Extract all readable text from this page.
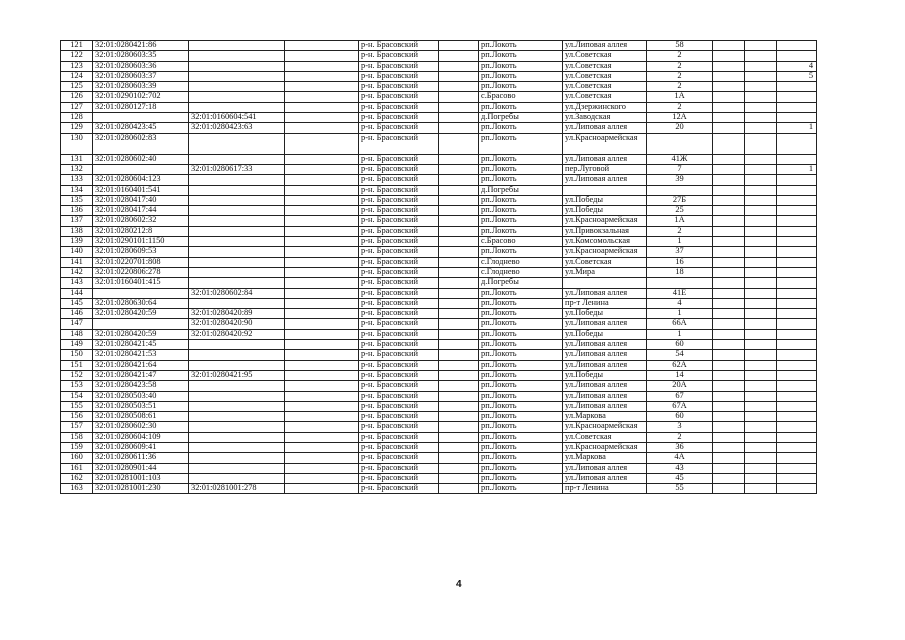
121	32:01:0280421:86			р-н. Брасовский		рп.Локоть	ул.Липовая аллея	58			
122	32:01:0280603:35			р-н. Брасовский		рп.Локоть	ул.Советская	2			
123	32:01:0280603:36			р-н. Брасовский		рп.Локоть	ул.Советская	2			4
124	32:01:0280603:37			р-н. Брасовский		рп.Локоть	ул.Советская	2			5
125	32:01:0280603:39			р-н. Брасовский		рп.Локоть	ул.Советская	2			
126	32:01:0290102:702			р-н. Брасовский		с.Брасово	ул.Советская	1А			
127	32:01:0280127:18			р-н. Брасовский		рп.Локоть	ул.Дзержинского	2			
128		32:01:0160604:541		р-н. Брасовский		д.Погребы	ул.Заводская	12А			
129	32:01:0280423:45	32:01:0280423:63		р-н. Брасовский		рп.Локоть	ул.Липовая аллея	20			1
130	32:01:0280602:83			р-н. Брасовский		рп.Локоть	ул.Красноармейская				
131	32:01:0280602:40			р-н. Брасовский		рп.Локоть	ул.Липовая аллея	41Ж			
132		32:01:0280617:33		р-н. Брасовский		рп.Локоть	пер.Луговой	7			1
133	32:01:0280604:123			р-н. Брасовский		рп.Локоть	ул.Липовая аллея	39			
134	32:01:0160401:541			р-н. Брасовский		д.Погребы					
135	32:01:0280417:40			р-н. Брасовский		рп.Локоть	ул.Победы	27Б			
136	32:01:0280417:44			р-н. Брасовский		рп.Локоть	ул.Победы	25			
137	32:01:0280602:32			р-н. Брасовский		рп.Локоть	ул.Красноармейская	1А			
138	32:01:0280212:8			р-н. Брасовский		рп.Локоть	ул.Привокзальная	2			
139	32:01:0290101:1150			р-н. Брасовский		с.Брасово	ул.Комсомольская	1			
140	32:01:0280609:53			р-н. Брасовский		рп.Локоть	ул.Красноармейская	37			
141	32:01:0220701:808			р-н. Брасовский		с.Глоднево	ул.Советская	16			
142	32:01:0220806:278			р-н. Брасовский		с.Глоднево	ул.Мира	18			
143	32:01:0160401:415			р-н. Брасовский		д.Погребы					
144		32:01:0280602:84		р-н. Брасовский		рп.Локоть	ул.Липовая аллея	41Е			
145	32:01:0280630:64			р-н. Брасовский		рп.Локоть	пр-т Ленина	4			
146	32:01:0280420:59	32:01:0280420:89		р-н. Брасовский		рп.Локоть	ул.Победы	1			
147		32:01:0280420:90		р-н. Брасовский		рп.Локоть	ул.Липовая аллея	66А			
148	32:01:0280420:59	32:01:0280420:92		р-н. Брасовский		рп.Локоть	ул.Победы	1			
149	32:01:0280421:45			р-н. Брасовский		рп.Локоть	ул.Липовая аллея	60			
150	32:01:0280421:53			р-н. Брасовский		рп.Локоть	ул.Липовая аллея	54			
151	32:01:0280421:64			р-н. Брасовский		рп.Локоть	ул.Липовая аллея	62А			
152	32:01:0280421:47	32:01:0280421:95		р-н. Брасовский		рп.Локоть	ул.Победы	14			
153	32:01:0280423:58			р-н. Брасовский		рп.Локоть	ул.Липовая аллея	20А			
154	32:01:0280503:40			р-н. Брасовский		рп.Локоть	ул.Липовая аллея	67			
155	32:01:0280503:51			р-н. Брасовский		рп.Локоть	ул.Липовая аллея	67А			
156	32:01:0280508:61			р-н. Брасовский		рп.Локоть	ул.Маркова	60			
157	32:01:0280602:30			р-н. Брасовский		рп.Локоть	ул.Красноармейская	3			
158	32:01:0280604:109			р-н. Брасовский		рп.Локоть	ул.Советская	2			
159	32:01:0280609:41			р-н. Брасовский		рп.Локоть	ул.Красноармейская	36			
160	32:01:0280611:36			р-н. Брасовский		рп.Локоть	ул.Маркова	4А			
161	32:01:0280901:44			р-н. Брасовский		рп.Локоть	ул.Липовая аллея	43			
162	32:01:0281001:103			р-н. Брасовский		рп.Локоть	ул.Липовая аллея	45			
163	32:01:0281001:230	32:01:0281001:278		р-н. Брасовский		рп.Локоть	пр-т Ленина	55			
4
